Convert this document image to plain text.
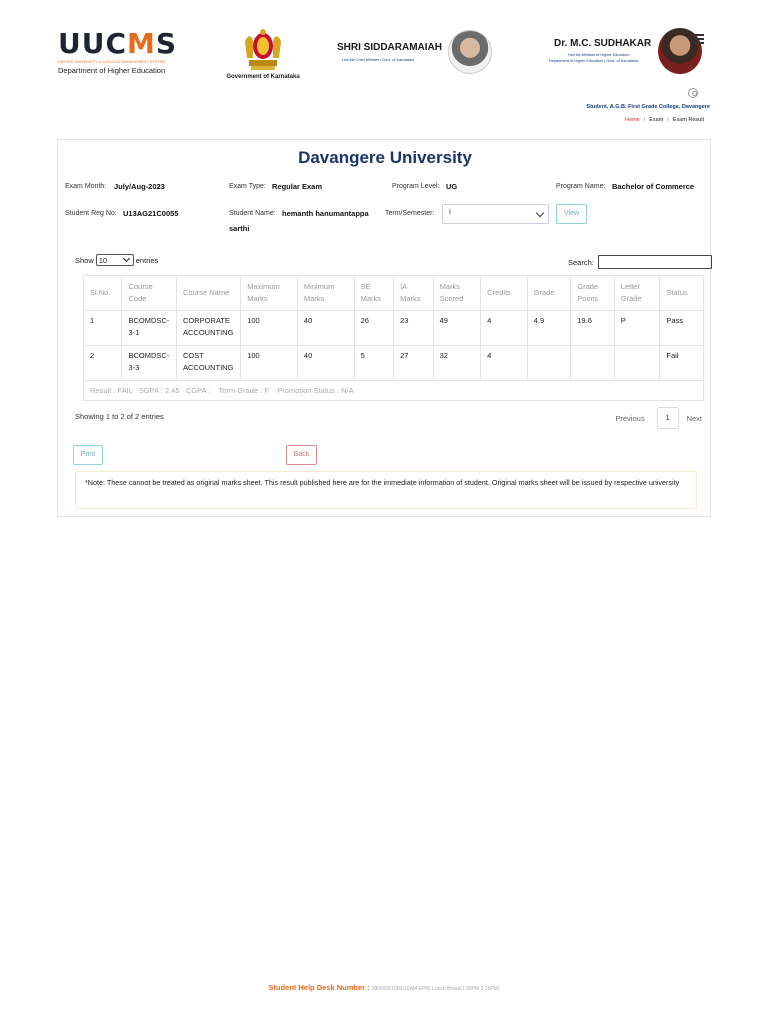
UUCMS
UNIFIED UNIVERSITY & COLLEGE MANAGEMENT SYSTEM
Department of Higher Education
Government of Karnataka
SHRI SIDDARAMAIAH
Hon'ble Chief Minister | Govt. of Karnataka
Dr. M.C. SUDHAKAR
Hon'ble Minister of Higher Education
Department of Higher Education | Govt. of Karnataka
Student, A.G.B. First Grade College, Davangere
Home / Exam / Exam Result
Davangere University
Exam Month: July/Aug-2023	Exam Type: Regular Exam	Program Level: UG	Program Name: Bachelor of Commerce
Student Reg No: U13AG21C0055	Student Name: hemanth hanumantappa
sarthi
Term/Semester:	I	View
Show 10	entries	Search:
Sl.No.	Course Code	Course Name	Maximum Marks	Minimum Marks	SE Marks	IA Marks	Marks Scored	Credits	Grade	Grade Points	Letter Grade	Status
1	BCOMDSC-3-1	CORPORATE ACCOUNTING	100	40	26	23	49	4	4.9	19.6	P	Pass
2	BCOMDSC-3-3	COST ACCOUNTING	100	40	5	27	32	4				Fail
Result : FAIL   SGPA : 2.45   CGPA :    Term Grade : F    Promotion Status : N/A												
Showing 1 to 2 of 2 entries	Previous	1	Next
Print	Back
*Note: These cannot be treated as original marks sheet. This result published here are for the immediate information of student. Original marks sheet will be issued by respective university
Student Help Desk Number : 08069261000(10AM-6PM) Lunch Break(1:30PM-2:15PM)
